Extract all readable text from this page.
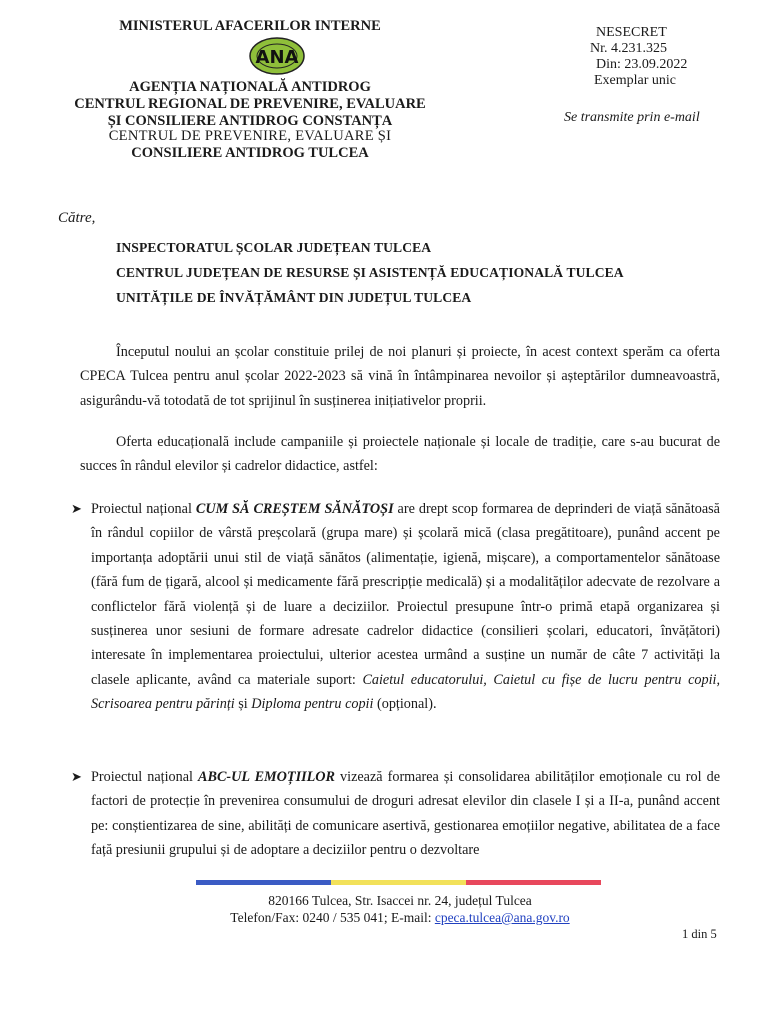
MINISTERUL AFACERILOR INTERNE
ANA
AGENȚIA NAȚIONALĂ ANTIDROG
CENTRUL REGIONAL DE PREVENIRE, EVALUARE
ȘI CONSILIERE ANTIDROG CONSTANȚA
CENTRUL DE PREVENIRE, EVALUARE ȘI
CONSILIERE ANTIDROG TULCEA
NESECRET
Nr. 4.231.325
Din: 23.09.2022
Exemplar unic
Se transmite prin e-mail
Către,
INSPECTORATUL ȘCOLAR JUDEȚEAN TULCEA
CENTRUL JUDEȚEAN DE RESURSE ȘI ASISTENȚĂ EDUCAȚIONALĂ TULCEA
UNITĂȚILE DE ÎNVĂȚĂMÂNT DIN JUDEȚUL TULCEA

Începutul noului an școlar constituie prilej de noi planuri și proiecte, în acest context sperăm ca oferta CPECA Tulcea pentru anul școlar 2022-2023 să vină în întâmpinarea nevoilor și așteptărilor dumneavoastră, asigurându-vă totodată de tot sprijinul în susținerea inițiativelor proprii.

Oferta educațională include campaniile și proiectele naționale și locale de tradiție, care s-au bucurat de succes în rândul elevilor și cadrelor didactice, astfel:

➤ Proiectul național CUM SĂ CREȘTEM SĂNĂTOȘI are drept scop formarea de deprinderi de viață sănătoasă în rândul copiilor de vârstă preșcolară (grupa mare) și școlară mică (clasa pregătitoare), punând accent pe importanța adoptării unui stil de viață sănătos (alimentație, igienă, mișcare), a comportamentelor sănătoase (fără fum de țigară, alcool și medicamente fără prescripție medicală) și a modalităților adecvate de rezolvare a conflictelor fără violență și de luare a deciziilor. Proiectul presupune într-o primă etapă organizarea și susținerea unor sesiuni de formare adresate cadrelor didactice (consilieri școlari, educatori, învățători) interesate în implementarea proiectului, ulterior acestea urmând a susține un număr de câte 7 activități la clasele aplicante, având ca materiale suport: Caietul educatorului, Caietul cu fișe de lucru pentru copii, Scrisoarea pentru părinți și Diploma pentru copii (opțional).
➤ Proiectul național ABC-UL EMOȚIILOR vizează formarea și consolidarea abilităților emoționale cu rol de factori de protecție în prevenirea consumului de droguri adresat elevilor din clasele I și a II-a, punând accent pe: conștientizarea de sine, abilități de comunicare asertivă, gestionarea emoțiilor negative, abilitatea de a face față presiunii grupului și de adoptare a deciziilor pentru o dezvoltare
820166 Tulcea, Str. Isaccei nr. 24, județul Tulcea
Telefon/Fax: 0240 / 535 041; E-mail: cpeca.tulcea@ana.gov.ro
1 din 5
